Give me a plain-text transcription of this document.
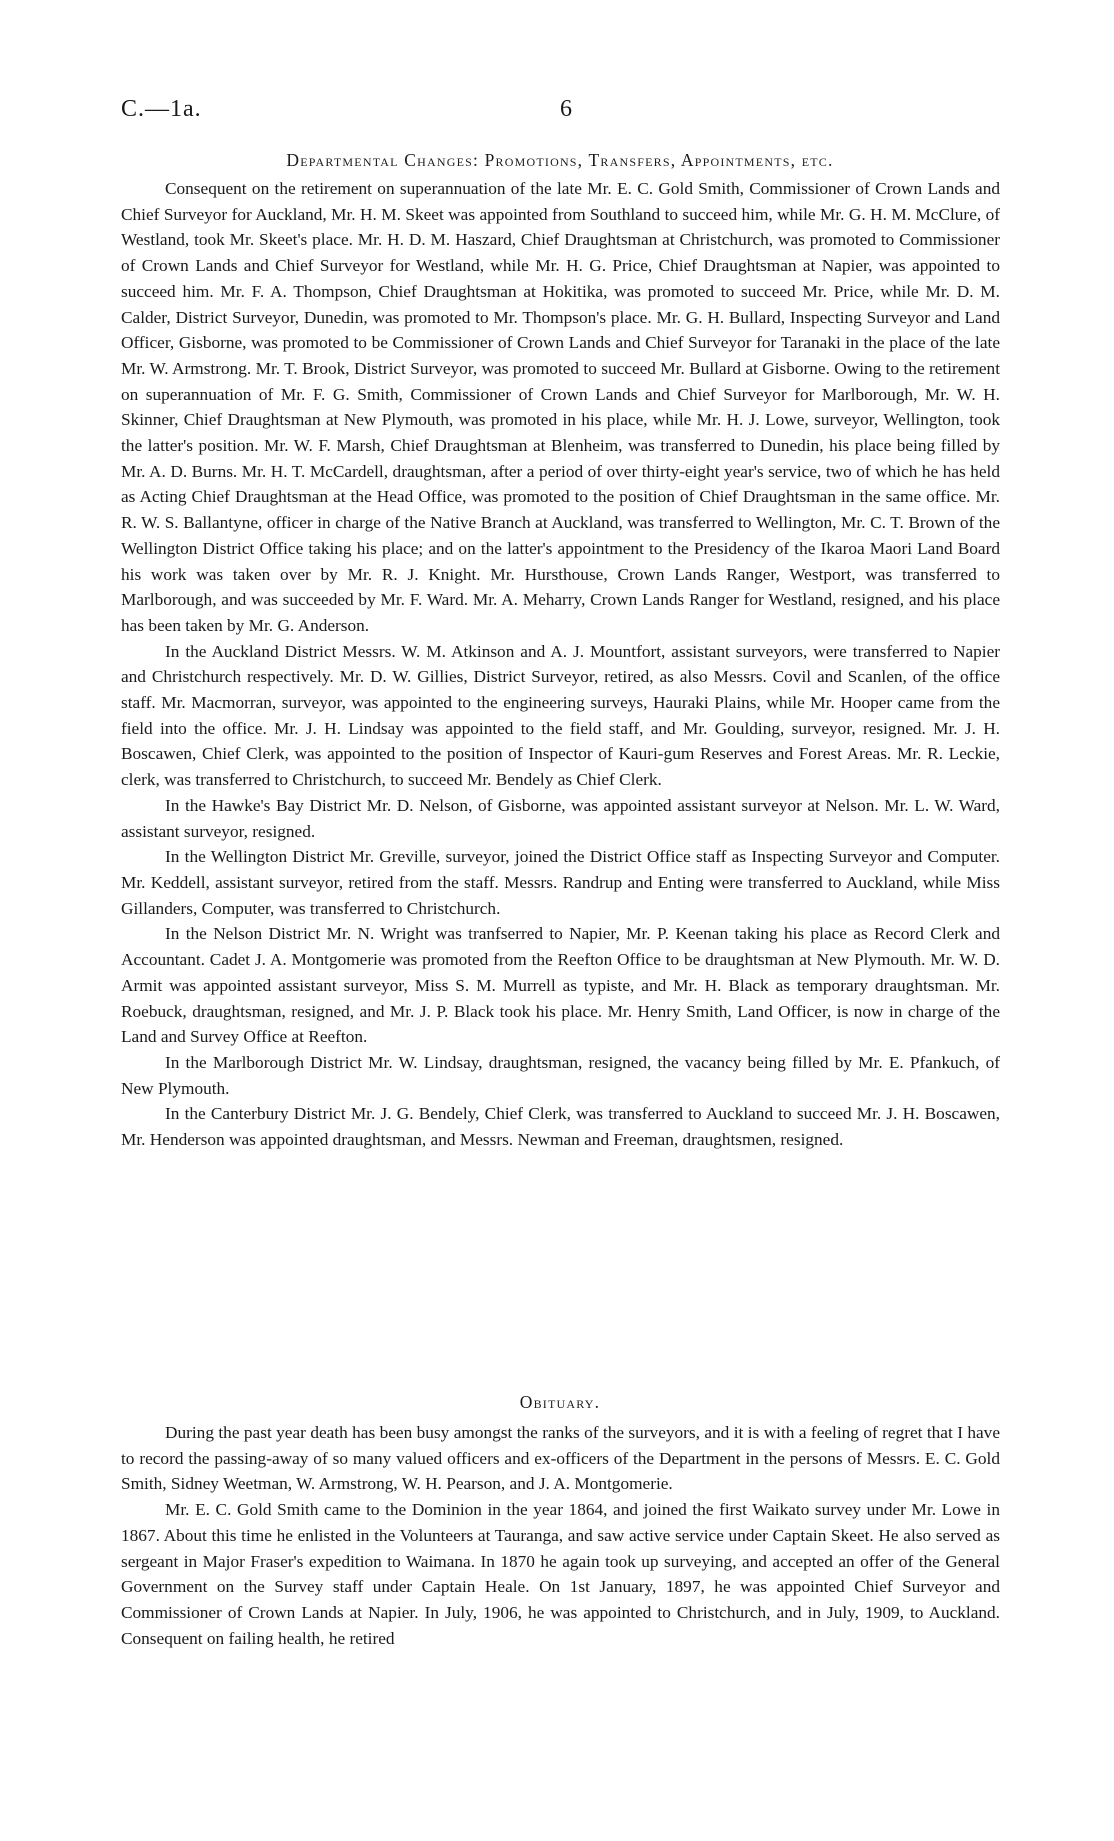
C.—1a.	6
Departmental Changes: Promotions, Transfers, Appointments, etc.

Consequent on the retirement on superannuation of the late Mr. E. C. Gold Smith, Commissioner of Crown Lands and Chief Surveyor for Auckland, Mr. H. M. Skeet was appointed from Southland to succeed him, while Mr. G. H. M. McClure, of Westland, took Mr. Skeet's place. Mr. H. D. M. Haszard, Chief Draughtsman at Christchurch, was promoted to Commissioner of Crown Lands and Chief Surveyor for Westland, while Mr. H. G. Price, Chief Draughtsman at Napier, was appointed to succeed him. Mr. F. A. Thompson, Chief Draughtsman at Hokitika, was promoted to succeed Mr. Price, while Mr. D. M. Calder, District Surveyor, Dunedin, was promoted to Mr. Thompson's place. Mr. G. H. Bullard, Inspecting Surveyor and Land Officer, Gisborne, was promoted to be Commissioner of Crown Lands and Chief Surveyor for Taranaki in the place of the late Mr. W. Armstrong. Mr. T. Brook, District Surveyor, was promoted to succeed Mr. Bullard at Gisborne. Owing to the retirement on superannuation of Mr. F. G. Smith, Commissioner of Crown Lands and Chief Surveyor for Marlborough, Mr. W. H. Skinner, Chief Draughtsman at New Plymouth, was promoted in his place, while Mr. H. J. Lowe, surveyor, Wellington, took the latter's position. Mr. W. F. Marsh, Chief Draughtsman at Blenheim, was transferred to Dunedin, his place being filled by Mr. A. D. Burns. Mr. H. T. McCardell, draughtsman, after a period of over thirty-eight year's service, two of which he has held as Acting Chief Draughtsman at the Head Office, was promoted to the position of Chief Draughtsman in the same office. Mr. R. W. S. Ballantyne, officer in charge of the Native Branch at Auckland, was transferred to Wellington, Mr. C. T. Brown of the Wellington District Office taking his place; and on the latter's appointment to the Presidency of the Ikaroa Maori Land Board his work was taken over by Mr. R. J. Knight. Mr. Hursthouse, Crown Lands Ranger, Westport, was transferred to Marlborough, and was succeeded by Mr. F. Ward. Mr. A. Meharry, Crown Lands Ranger for Westland, resigned, and his place has been taken by Mr. G. Anderson.

In the Auckland District Messrs. W. M. Atkinson and A. J. Mountfort, assistant surveyors, were transferred to Napier and Christchurch respectively. Mr. D. W. Gillies, District Surveyor, retired, as also Messrs. Covil and Scanlen, of the office staff. Mr. Macmorran, surveyor, was appointed to the engineering surveys, Hauraki Plains, while Mr. Hooper came from the field into the office. Mr. J. H. Lindsay was appointed to the field staff, and Mr. Goulding, surveyor, resigned. Mr. J. H. Boscawen, Chief Clerk, was appointed to the position of Inspector of Kauri-gum Reserves and Forest Areas. Mr. R. Leckie, clerk, was transferred to Christchurch, to succeed Mr. Bendely as Chief Clerk.

In the Hawke's Bay District Mr. D. Nelson, of Gisborne, was appointed assistant surveyor at Nelson. Mr. L. W. Ward, assistant surveyor, resigned.

In the Wellington District Mr. Greville, surveyor, joined the District Office staff as Inspecting Surveyor and Computer. Mr. Keddell, assistant surveyor, retired from the staff. Messrs. Randrup and Enting were transferred to Auckland, while Miss Gillanders, Computer, was transferred to Christchurch.

In the Nelson District Mr. N. Wright was tranfserred to Napier, Mr. P. Keenan taking his place as Record Clerk and Accountant. Cadet J. A. Montgomerie was promoted from the Reefton Office to be draughtsman at New Plymouth. Mr. W. D. Armit was appointed assistant surveyor, Miss S. M. Murrell as typiste, and Mr. H. Black as temporary draughtsman. Mr. Roebuck, draughtsman, resigned, and Mr. J. P. Black took his place. Mr. Henry Smith, Land Officer, is now in charge of the Land and Survey Office at Reefton.

In the Marlborough District Mr. W. Lindsay, draughtsman, resigned, the vacancy being filled by Mr. E. Pfankuch, of New Plymouth.

In the Canterbury District Mr. J. G. Bendely, Chief Clerk, was transferred to Auckland to succeed Mr. J. H. Boscawen, Mr. Henderson was appointed draughtsman, and Messrs. Newman and Freeman, draughtsmen, resigned.

Obituary.

During the past year death has been busy amongst the ranks of the surveyors, and it is with a feeling of regret that I have to record the passing-away of so many valued officers and ex-officers of the Department in the persons of Messrs. E. C. Gold Smith, Sidney Weetman, W. Armstrong, W. H. Pearson, and J. A. Montgomerie.

Mr. E. C. Gold Smith came to the Dominion in the year 1864, and joined the first Waikato survey under Mr. Lowe in 1867. About this time he enlisted in the Volunteers at Tauranga, and saw active service under Captain Skeet. He also served as sergeant in Major Fraser's expedition to Waimana. In 1870 he again took up surveying, and accepted an offer of the General Government on the Survey staff under Captain Heale. On 1st January, 1897, he was appointed Chief Surveyor and Commissioner of Crown Lands at Napier. In July, 1906, he was appointed to Christchurch, and in July, 1909, to Auckland. Consequent on failing health, he retired
